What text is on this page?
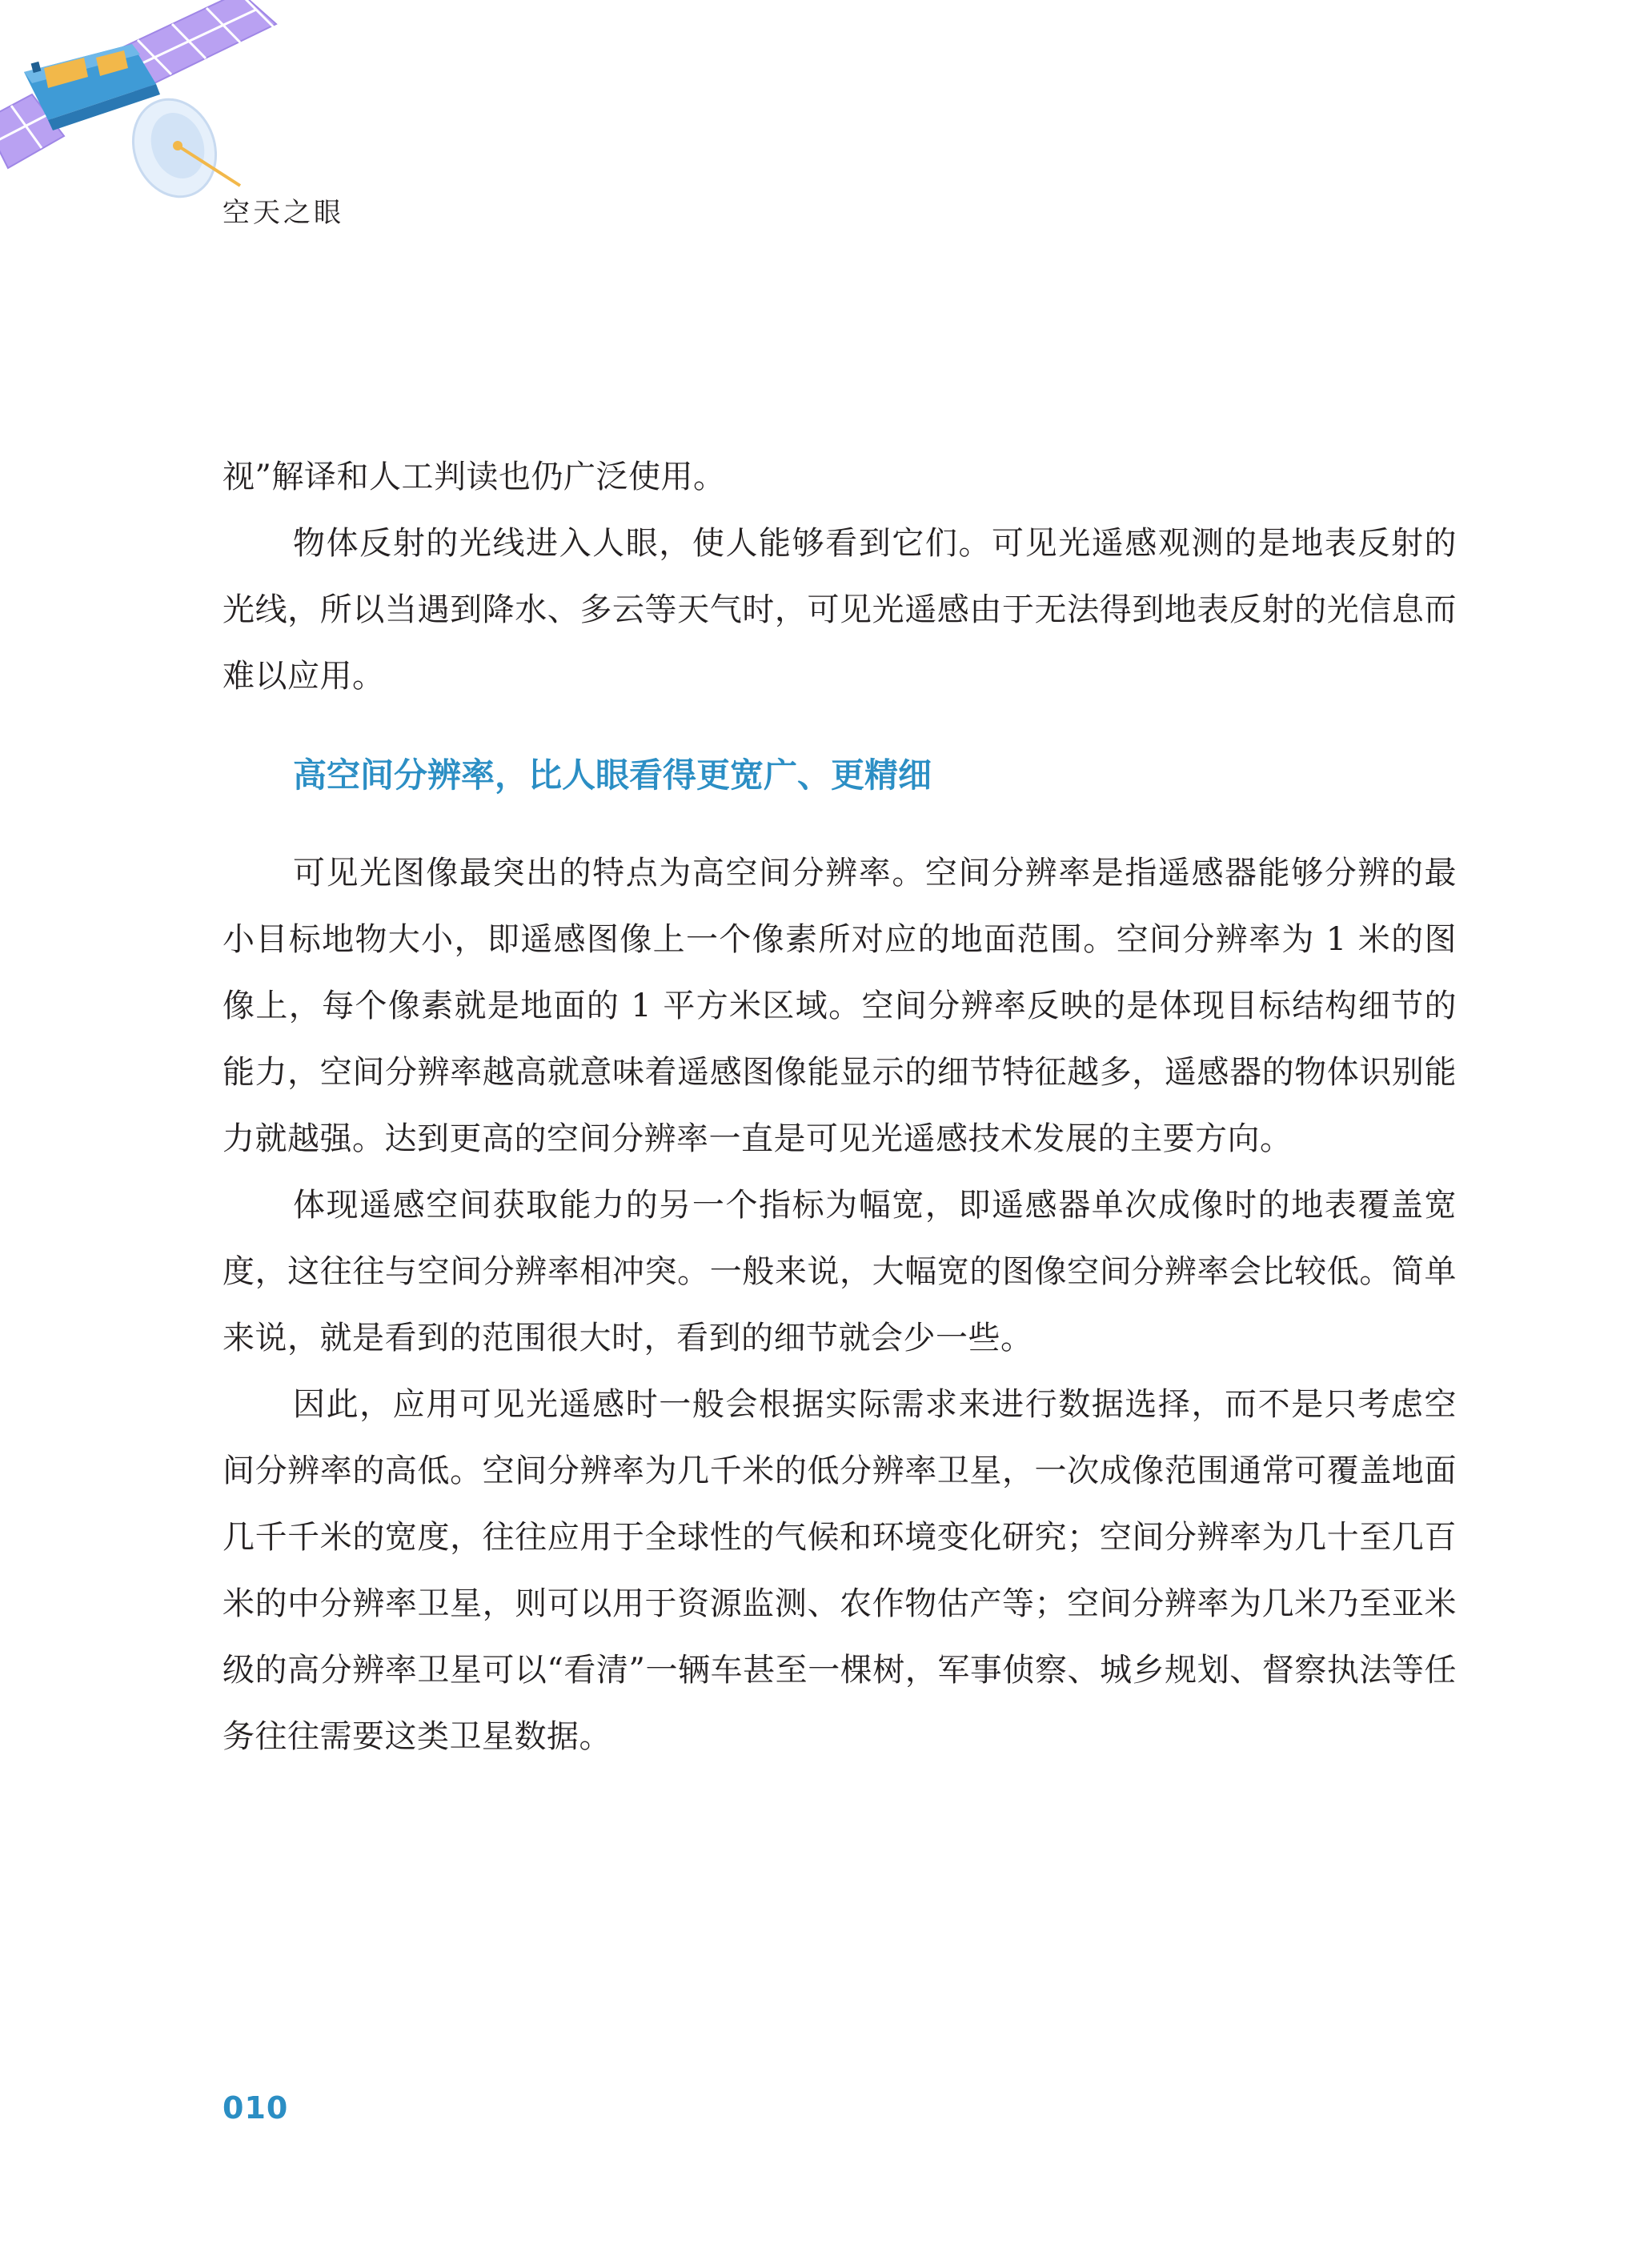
空天之眼

视”解译和人工判读也仍广泛使用。

物体反射的光线进入人眼，使人能够看到它们。可见光遥感观测的是地表反射的光线，所以当遇到降水、多云等天气时，可见光遥感由于无法得到地表反射的光信息而难以应用。

高空间分辨率，比人眼看得更宽广、更精细

可见光图像最突出的特点为高空间分辨率。空间分辨率是指遥感器能够分辨的最小目标地物大小，即遥感图像上一个像素所对应的地面范围。空间分辨率为 1 米的图像上，每个像素就是地面的 1 平方米区域。空间分辨率反映的是体现目标结构细节的能力，空间分辨率越高就意味着遥感图像能显示的细节特征越多，遥感器的物体识别能力就越强。达到更高的空间分辨率一直是可见光遥感技术发展的主要方向。

体现遥感空间获取能力的另一个指标为幅宽，即遥感器单次成像时的地表覆盖宽度，这往往与空间分辨率相冲突。一般来说，大幅宽的图像空间分辨率会比较低。简单来说，就是看到的范围很大时，看到的细节就会少一些。

因此，应用可见光遥感时一般会根据实际需求来进行数据选择，而不是只考虑空间分辨率的高低。空间分辨率为几千米的低分辨率卫星，一次成像范围通常可覆盖地面几千千米的宽度，往往应用于全球性的气候和环境变化研究；空间分辨率为几十至几百米的中分辨率卫星，则可以用于资源监测、农作物估产等；空间分辨率为几米乃至亚米级的高分辨率卫星可以“看清”一辆车甚至一棵树，军事侦察、城乡规划、督察执法等任务往往需要这类卫星数据。

010
